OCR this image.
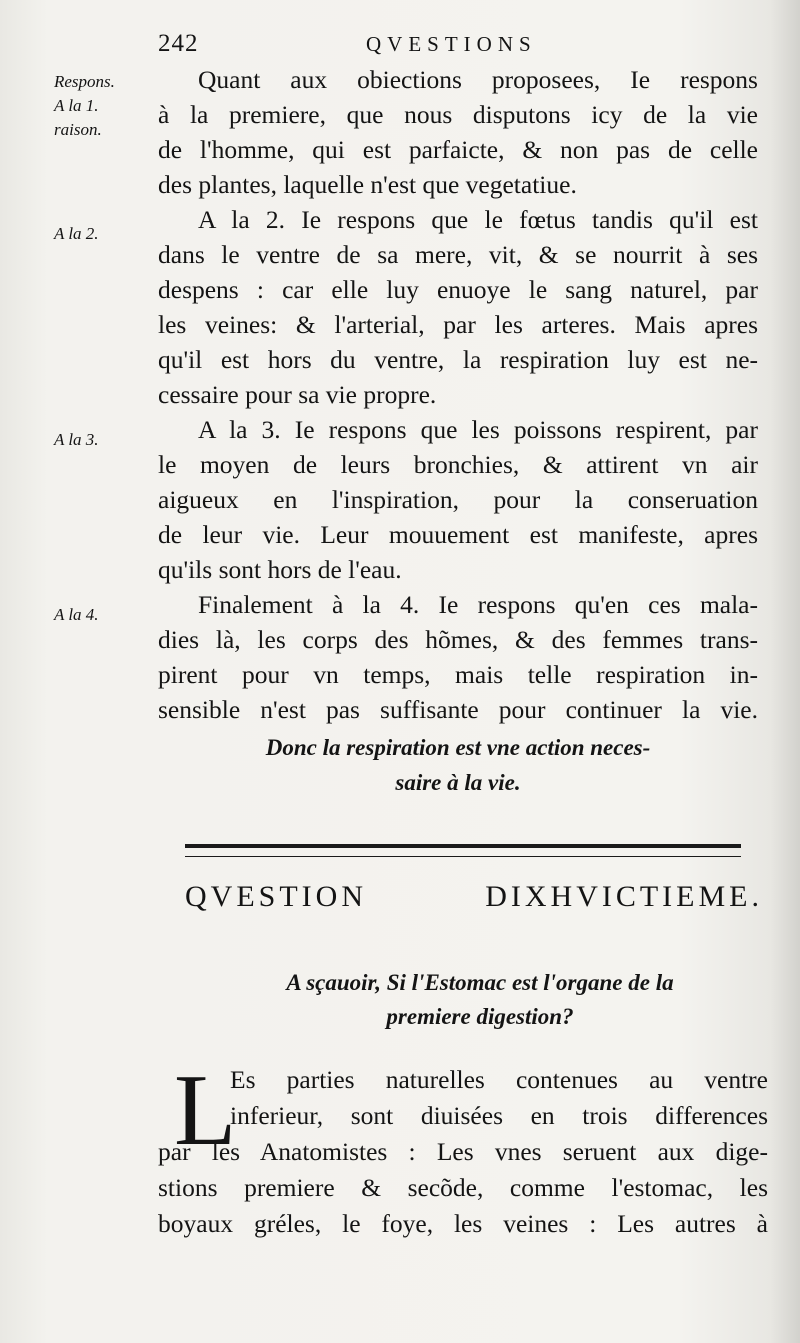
242	QVESTIONS
Respons.
A la 1.
raison.
A la 2.
A la 3.
A la 4.
Quant aux obiections proposees, Ie respons
à la premiere, que nous disputons icy de la vie
de l'homme, qui est parfaicte, & non pas de celle
des plantes, laquelle n'est que vegetatiue.
A la 2. Ie respons que le fœtus tandis qu'il est
dans le ventre de sa mere, vit, & se nourrit à ses
despens : car elle luy enuoye le sang naturel, par
les veines: & l'arterial, par les arteres. Mais apres
qu'il est hors du ventre, la respiration luy est ne-
cessaire pour sa vie propre.
A la 3. Ie respons que les poissons respirent, par
le moyen de leurs bronchies, & attirent vn air
aigueux en l'inspiration, pour la conseruation
de leur vie. Leur mouuement est manifeste, apres
qu'ils sont hors de l'eau.
Finalement à la 4. Ie respons qu'en ces mala-
dies là, les corps des hõmes, & des femmes trans-
pirent pour vn temps, mais telle respiration in-
sensible n'est pas suffisante pour continuer la vie.
Donc la respiration est vne action neces-
saire à la vie.
QVESTION DIXHVICTIEME.
A sçauoir, Si l'Estomac est l'organe de la
premiere digestion?
L
Es parties naturelles contenues au ventre
inferieur, sont diuisées en trois differences
par les Anatomistes : Les vnes seruent aux dige-
stions premiere & secõde, comme l'estomac, les
boyaux gréles, le foye, les veines : Les autres à
